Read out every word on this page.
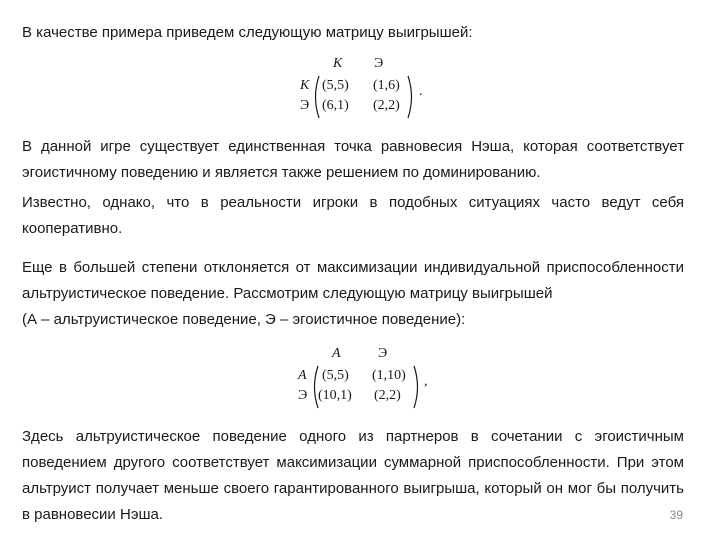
В качестве примера приведем следующую матрицу выигрышей:

К Э
К
Э
(5,5) (1,6)
(6,1) (2,2)
.

В данной игре существует единственная точка равновесия Нэша, которая соответствует
эгоистичному поведению и является также решением по доминированию.

Известно, однако, что в реальности игроки в подобных ситуациях часто ведут себя
кооперативно.

Еще в большей степени отклоняется от максимизации индивидуальной приспособленности
альтруистическое поведение. Рассмотрим следующую матрицу выигрышей
(А – альтруистическое поведение, Э – эгоистичное поведение):

А	Э
А
Э
(5,5) (1,10)
(10,1) (2,2)
,

Здесь альтруистическое поведение одного из партнеров в сочетании с эгоистичным
поведением другого соответствует максимизации суммарной приспособленности. При этом
альтруист получает меньше своего гарантированного выигрыша, который он мог бы получить
в равновесии Нэша.	39
